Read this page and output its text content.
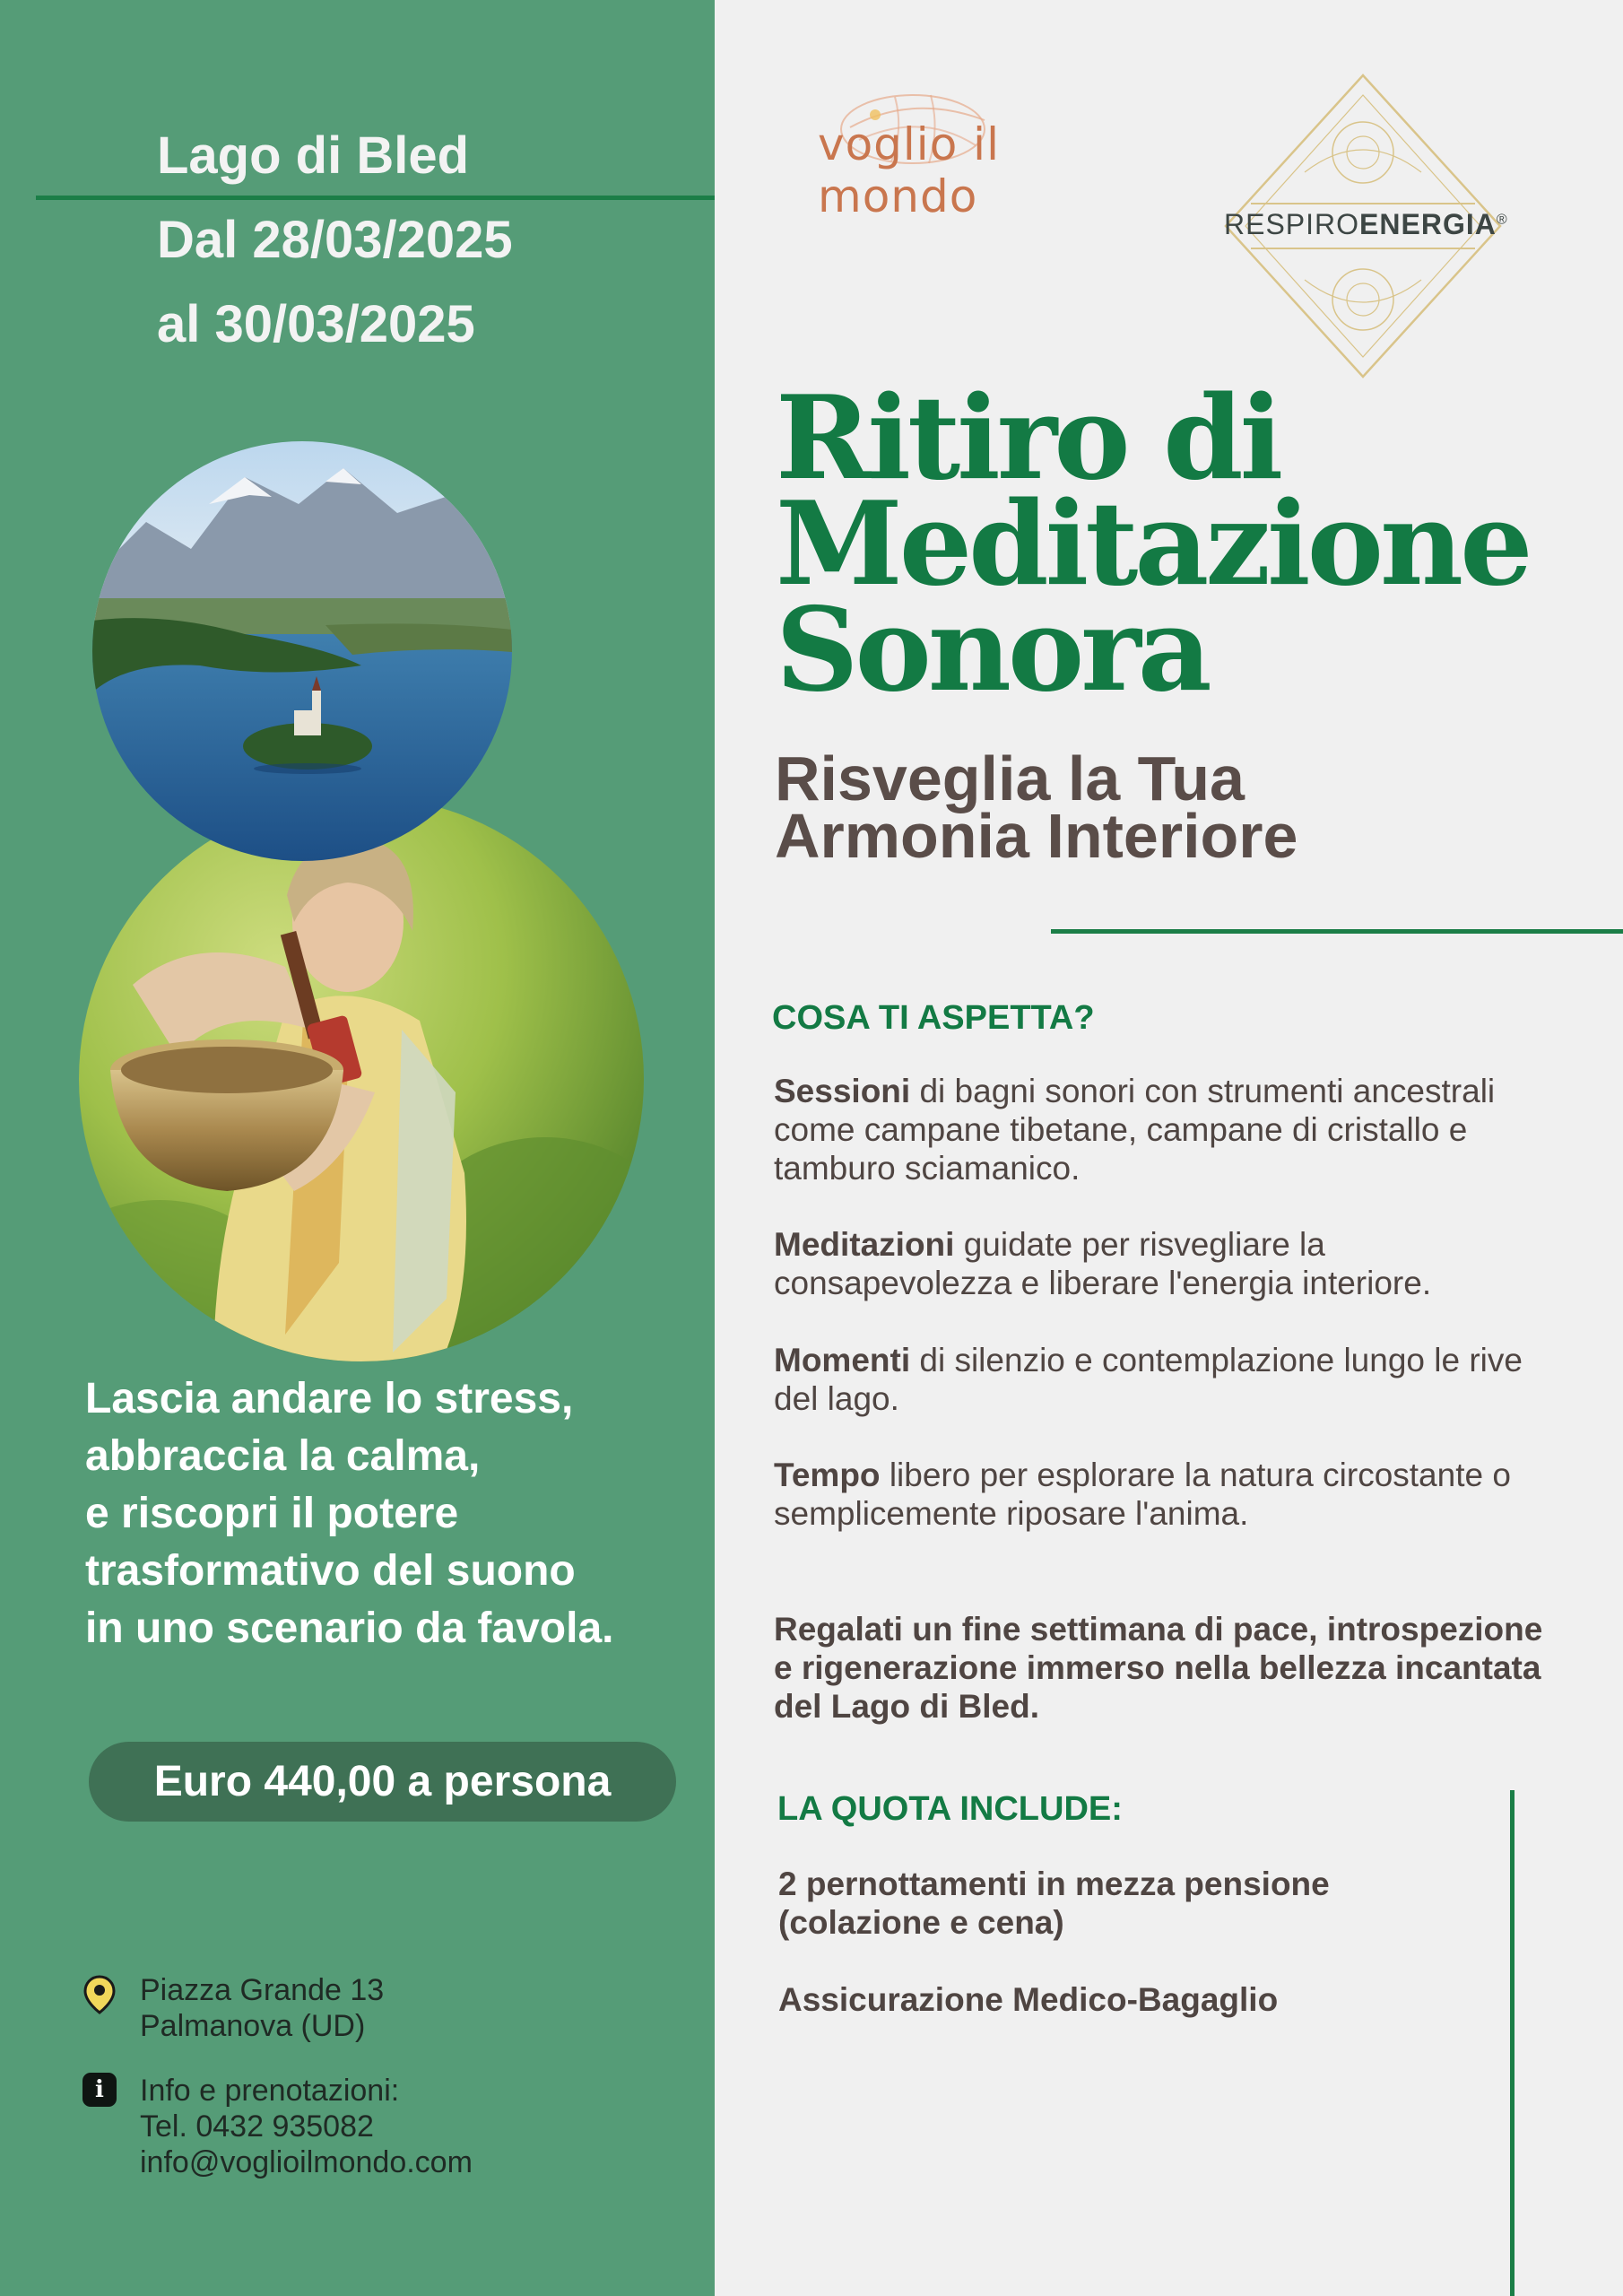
Lago di Bled
Dal 28/03/2025
al 30/03/2025
Lascia andare lo stress,
abbraccia la calma,
e riscopri il potere
trasformativo del suono
in uno scenario da favola.
Euro 440,00 a persona
Piazza Grande 13
Palmanova (UD)
i	Info e prenotazioni:
Tel. 0432 935082
info@voglioilmondo.com
voglio il mondo
RESPIROENERGIA®
Ritiro di
Meditazione
Sonora
Risveglia la Tua
Armonia Interiore
COSA TI ASPETTA?
Sessioni di bagni sonori con strumenti ancestrali come campane tibetane, campane di cristallo e tamburo sciamanico.
Meditazioni guidate per risvegliare la consapevolezza e liberare l'energia interiore.
Momenti di silenzio e contemplazione lungo le rive del lago.
Tempo libero per esplorare la natura circostante o semplicemente riposare l'anima.
Regalati un fine settimana di pace, introspezione e rigenerazione immerso nella bellezza incantata del Lago di Bled.
LA QUOTA INCLUDE:
2 pernottamenti in mezza pensione (colazione e cena)
Assicurazione Medico-Bagaglio
